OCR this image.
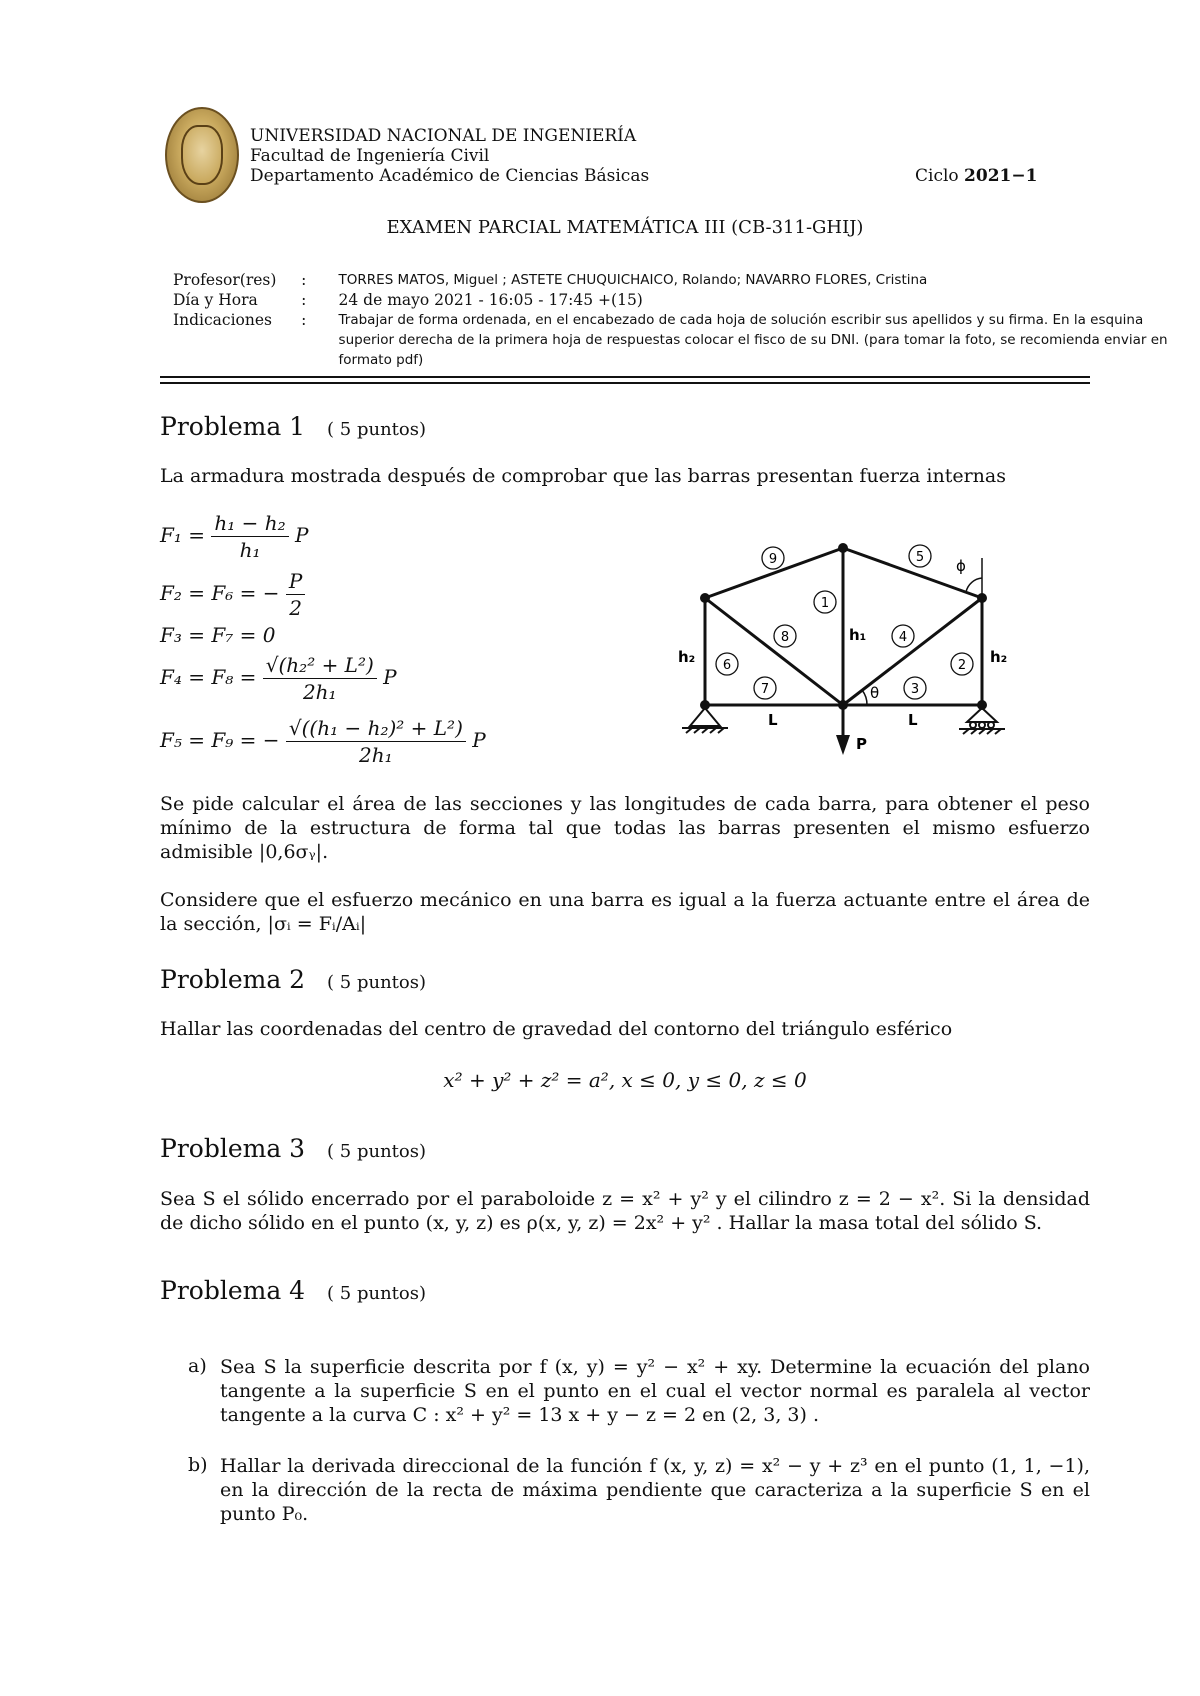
UNIVERSIDAD NACIONAL DE INGENIERÍA
Facultad de Ingeniería Civil
Departamento Académico de Ciencias Básicas	Ciclo 2021−1
EXAMEN PARCIAL MATEMÁTICA III (CB-311-GHIJ)
Profesor(res)	:	TORRES MATOS, Miguel ; ASTETE CHUQUICHAICO, Rolando; NAVARRO FLORES, Cristina
Día y Hora	:	24 de mayo 2021 - 16:05 - 17:45 +(15)
Indicaciones	:	Trabajar de forma ordenada, en el encabezado de cada hoja de solución escribir sus apellidos y su firma. En la esquina superior derecha de la primera hoja de respuestas colocar el fisco de su DNI. (para tomar la foto, se recomienda enviar en formato pdf)
Problema 1 ( 5 puntos)
La armadura mostrada después de comprobar que las barras presentan fuerza internas
$F_1 = \frac{\text{h₁ − h₂}}{\text{h₁}}$ P
F₂ = F₆ = − $\frac{P}{2}$
F₃ = F₇ = 0
$F_4 = F_8 = \frac{\text{√(h₂² + L²)}}{\text{2h₁}}$ P
F₅ = F₉ = − $\frac{\text{√((h₁ − h₂)² + L²)}}{\text{2h₁}}$ P	P
ϕ
θ
9	5
1
8	4
6	2
7	3
h₁
h₂	h₂
L	L
Se pide calcular el área de las secciones y las longitudes de cada barra, para obtener el peso mínimo de la estructura de forma tal que todas las barras presenten el mismo esfuerzo admisible |0,6σᵧ|.
Considere que el esfuerzo mecánico en una barra es igual a la fuerza actuante entre el área de la sección, |σᵢ = Fᵢ/Aᵢ|
Problema 2 ( 5 puntos)
Hallar las coordenadas del centro de gravedad del contorno del triángulo esférico
x² + y² + z² = a², x ≤ 0, y ≤ 0, z ≤ 0
Problema 3 ( 5 puntos)
Sea S el sólido encerrado por el paraboloide z = x² + y² y el cilindro z = 2 − x². Si la densidad de dicho sólido en el punto (x, y, z) es ρ(x, y, z) = 2x² + y² . Hallar la masa total del sólido S.
Problema 4 ( 5 puntos)
a) Sea S la superficie descrita por f (x, y) = y² − x² + xy. Determine la ecuación del plano tangente a la superficie S en el punto en el cual el vector normal es paralela al vector tangente a la curva C : x² + y² = 13 x + y − z = 2 en (2, 3, 3) .
b) Hallar la derivada direccional de la función f (x, y, z) = x² − y + z³ en el punto (1, 1, −1), en la dirección de la recta de máxima pendiente que caracteriza a la superficie S en el punto P₀.
